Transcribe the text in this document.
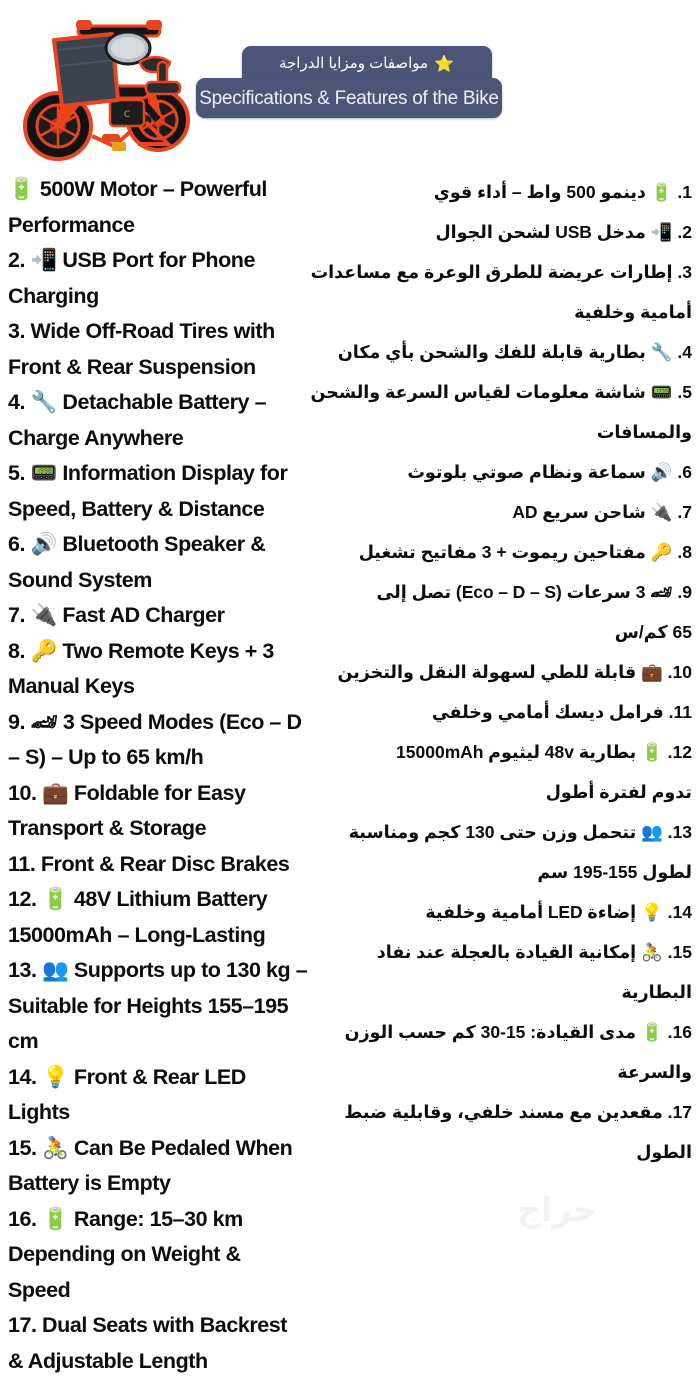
C
مواصفات ومزايا الدراجة ⭐
Specifications & Features of the Bike
🔋 500W Motor – Powerful
Performance
2. 📲 USB Port for Phone
Charging
3. Wide Off-Road Tires with
Front & Rear Suspension
4. 🔧 Detachable Battery –
Charge Anywhere
5. 📟 Information Display for
Speed, Battery & Distance
6. 🔊 Bluetooth Speaker &
Sound System
7. 🔌 Fast AD Charger
8. 🔑 Two Remote Keys + 3
Manual Keys
9. 🏎 3 Speed Modes (Eco – D
– S) – Up to 65 km/h
10. 💼 Foldable for Easy
Transport & Storage
11. Front & Rear Disc Brakes
12. 🔋 48V Lithium Battery
15000mAh – Long-Lasting
13. 👥 Supports up to 130 kg –
Suitable for Heights 155–195
cm
14. 💡 Front & Rear LED
Lights
15. 🚴 Can Be Pedaled When
Battery is Empty
16. 🔋 Range: 15–30 km
Depending on Weight &
Speed
17. Dual Seats with Backrest
& Adjustable Length
1. 🔋 دينمو 500 واط – أداء قوي
2. 📲 مدخل USB لشحن الجوال
3. إطارات عريضة للطرق الوعرة مع مساعدات
أمامية وخلفية
4. 🔧 بطارية قابلة للفك والشحن بأي مكان
5. 📟 شاشة معلومات لقياس السرعة والشحن
والمسافات
6. 🔊 سماعة ونظام صوتي بلوتوث
7. 🔌 شاحن سريع AD
8. 🔑 مفتاحين ريموت + 3 مفاتيح تشغيل
9. 🏎 3 سرعات (Eco – D – S) تصل إلى
65 كم/س
10. 💼 قابلة للطي لسهولة النقل والتخزين
11. فرامل ديسك أمامي وخلفي
12. 🔋 بطارية 48v ليثيوم 15000mAh
تدوم لفترة أطول
13. 👥 تتحمل وزن حتى 130 كجم ومناسبة
لطول 155-195 سم
14. 💡 إضاءة LED أمامية وخلفية
15. 🚴 إمكانية القيادة بالعجلة عند نفاد
البطارية
16. 🔋 مدى القيادة: 15-30 كم حسب الوزن
والسرعة
17. مقعدين مع مسند خلفي، وقابلية ضبط
الطول
حراج
